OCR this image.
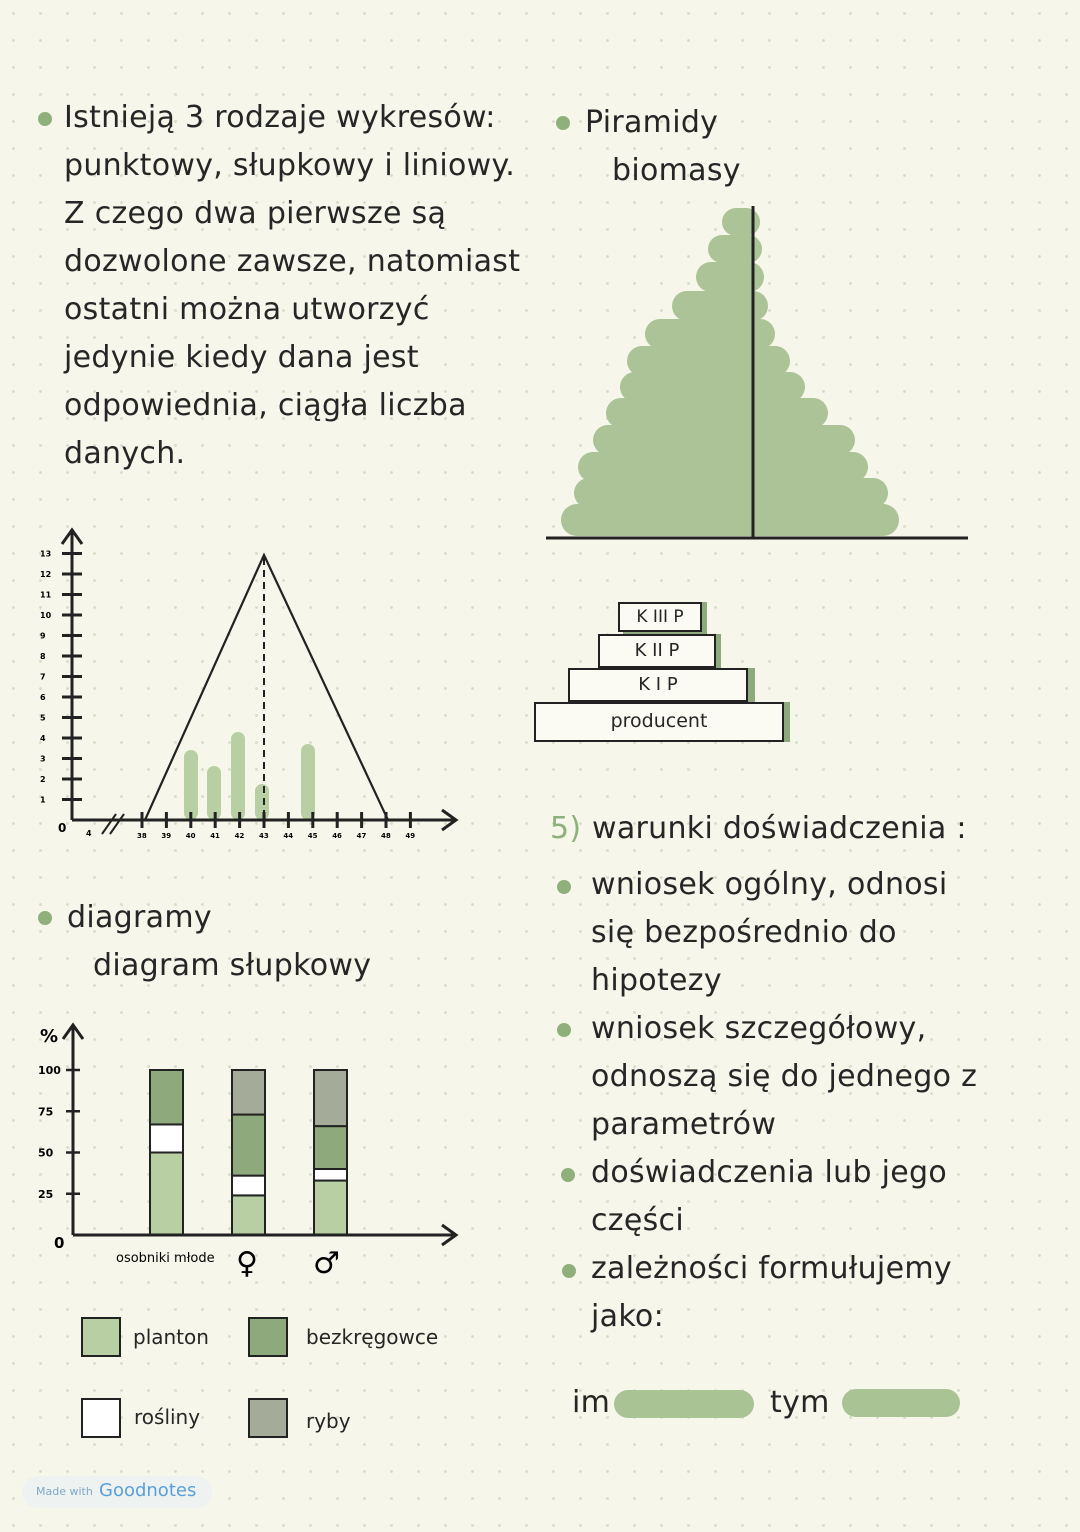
Istnieją 3 rodzaje wykresów:
punktowy, słupkowy i liniowy.
Z czego dwa pierwsze są
dozwolone zawsze, natomiast
ostatni można utworzyć
jedynie kiedy dana jest
odpowiednia, ciągła liczba
danych.
Piramidy
biomasy
K III P
K II P
K I P
producent
1
2
3
4
5
6
7
8
9
10
11
12
13
38 39 40 41 42 43 44 45 46 47 48 49
0 4	5) warunki doświadczenia :
wniosek ogólny, odnosi
się bezpośrednio do
hipotezy
wniosek szczegółowy,
odnoszą się do jednego z
parametrów
doświadczenia lub jego
części
zależności formułujemy
jako:
im	tym
diagramy
diagram słupkowy
%
0
25
50
75
100
osobniki młode ♀ ♂
planton	bezkręgowce
rośliny	ryby
Made with Goodnotes
